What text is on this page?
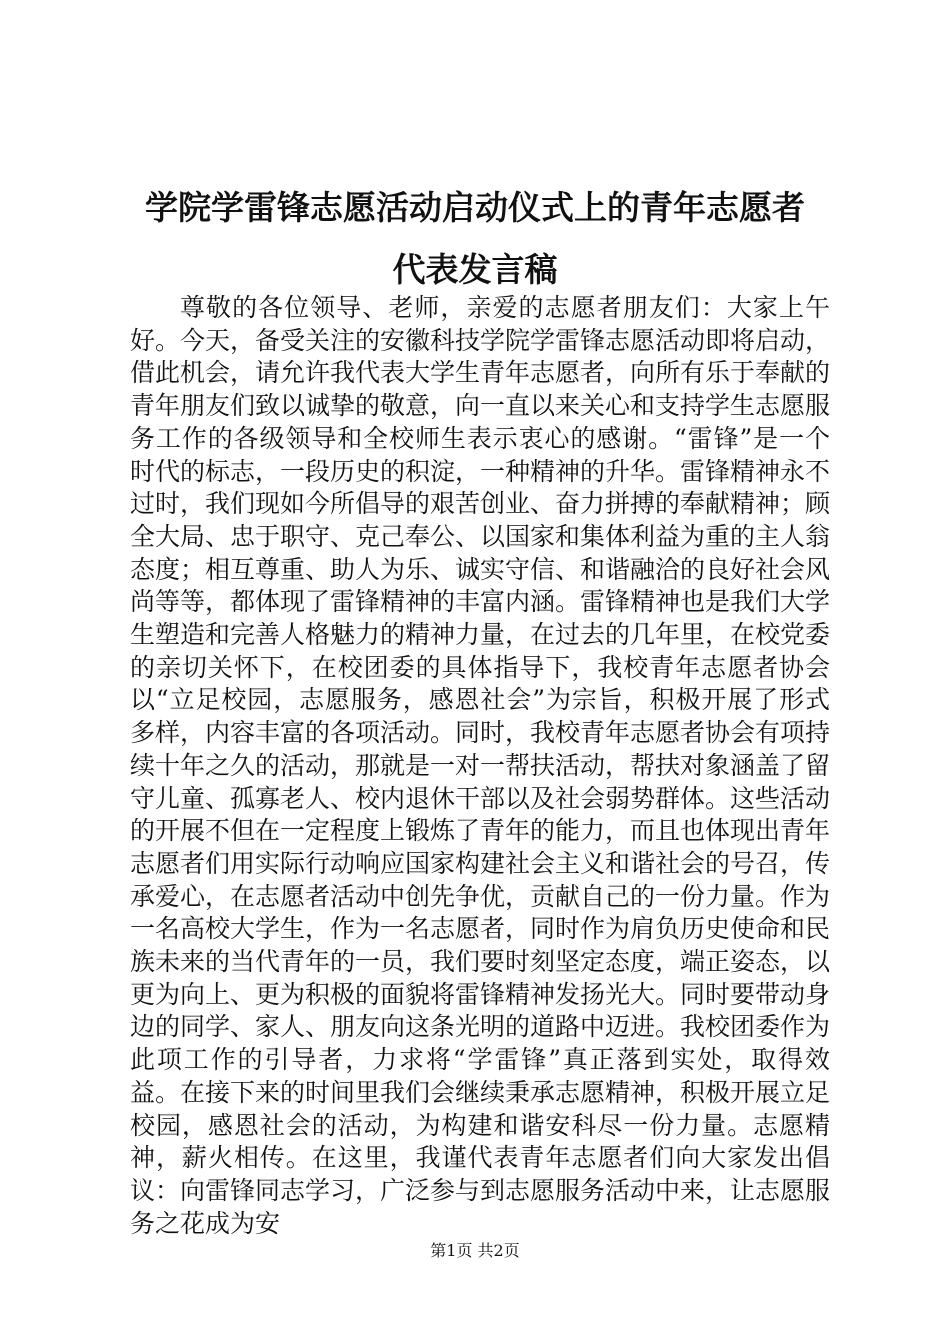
学院学雷锋志愿活动启动仪式上的青年志愿者
代表发言稿

尊敬的各位领导、老师，亲爱的志愿者朋友们：大家上午好。今天，备受关注的安徽科技学院学雷锋志愿活动即将启动，借此机会，请允许我代表大学生青年志愿者，向所有乐于奉献的青年朋友们致以诚挚的敬意，向一直以来关心和支持学生志愿服务工作的各级领导和全校师生表示衷心的感谢。“雷锋”是一个时代的标志，一段历史的积淀，一种精神的升华。雷锋精神永不过时，我们现如今所倡导的艰苦创业、奋力拼搏的奉献精神；顾全大局、忠于职守、克己奉公、以国家和集体利益为重的主人翁态度；相互尊重、助人为乐、诚实守信、和谐融洽的良好社会风尚等等，都体现了雷锋精神的丰富内涵。雷锋精神也是我们大学生塑造和完善人格魅力的精神力量，在过去的几年里，在校党委的亲切关怀下，在校团委的具体指导下，我校青年志愿者协会以“立足校园，志愿服务，感恩社会”为宗旨，积极开展了形式多样，内容丰富的各项活动。同时，我校青年志愿者协会有项持续十年之久的活动，那就是一对一帮扶活动，帮扶对象涵盖了留守儿童、孤寡老人、校内退休干部以及社会弱势群体。这些活动的开展不但在一定程度上锻炼了青年的能力，而且也体现出青年志愿者们用实际行动响应国家构建社会主义和谐社会的号召，传承爱心，在志愿者活动中创先争优，贡献自己的一份力量。作为一名高校大学生，作为一名志愿者，同时作为肩负历史使命和民族未来的当代青年的一员，我们要时刻坚定态度，端正姿态，以更为向上、更为积极的面貌将雷锋精神发扬光大。同时要带动身边的同学、家人、朋友向这条光明的道路中迈进。我校团委作为此项工作的引导者，力求将“学雷锋”真正落到实处，取得效益。在接下来的时间里我们会继续秉承志愿精神，积极开展立足校园，感恩社会的活动，为构建和谐安科尽一份力量。志愿精神，薪火相传。在这里，我谨代表青年志愿者们向大家发出倡议：向雷锋同志学习，广泛参与到志愿服务活动中来，让志愿服务之花成为安

第1页 共2页
